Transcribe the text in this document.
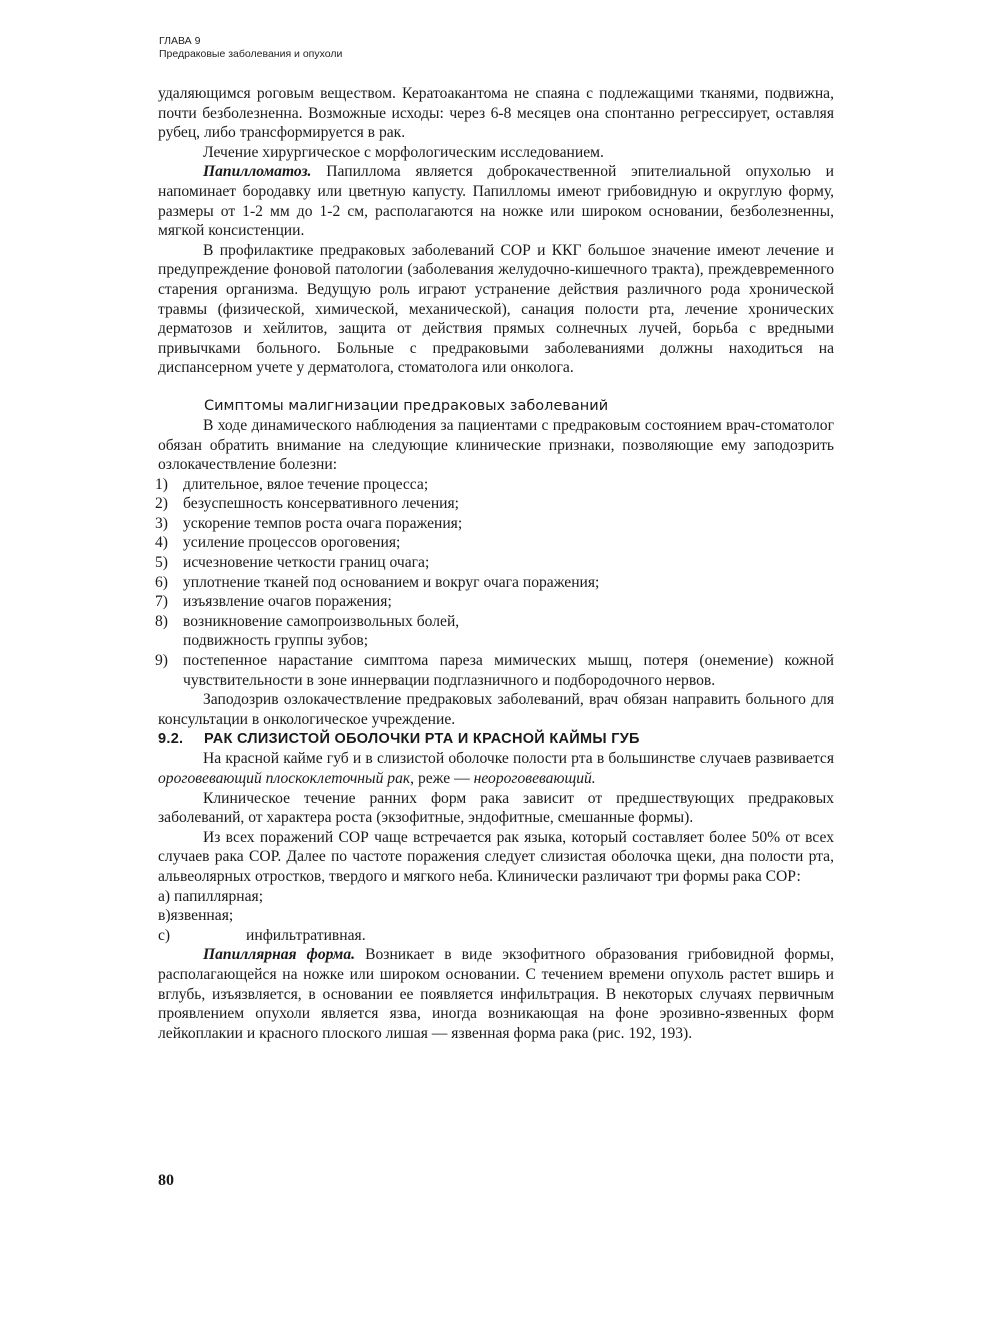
ГЛАВА 9
Предраковые заболевания и опухоли

удаляющимся роговым веществом. Кератоакантома не спаяна с подлежащими тканями, подвижна, почти безболезненна. Возможные исходы: через 6-8 месяцев она спонтанно регрессирует, оставляя рубец, либо трансформируется в рак.

Лечение хирургическое с морфологическим исследованием.

Папилломатоз. Папиллома является доброкачественной эпителиальной опухолью и напоминает бородавку или цветную капусту. Папилломы имеют грибовидную и округлую форму, размеры от 1-2 мм до 1-2 см, располагаются на ножке или широком основании, безболезненны, мягкой консистенции.

В профилактике предраковых заболеваний СОР и ККГ большое значение имеют лечение и предупреждение фоновой патологии (заболевания желудочно-кишечного тракта), преждевременного старения организма. Ведущую роль играют устранение действия различного рода хронической травмы (физической, химической, механической), санация полости рта, лечение хронических дерматозов и хейлитов, защита от действия прямых солнечных лучей, борьба с вредными привычками больного. Больные с предраковыми заболеваниями должны находиться на диспансерном учете у дерматолога, стоматолога или онколога.

Симптомы малигнизации предраковых заболеваний

В ходе динамического наблюдения за пациентами с предраковым состоянием врач-стоматолог обязан обратить внимание на следующие клинические признаки, позволяющие ему заподозрить озлокачествление болезни:

1) длительное, вялое течение процесса;
2) безуспешность консервативного лечения;
3) ускорение темпов роста очага поражения;
4) усиление процессов ороговения;
5) исчезновение четкости границ очага;
6) уплотнение тканей под основанием и вокруг очага поражения;
7) изъязвление очагов поражения;
8) возникновение самопроизвольных болей,
подвижность группы зубов;
9) постепенное нарастание симптома пареза мимических мышц, потеря (онемение) кожной чувствительности в зоне иннервации подглазничного и подбородочного нервов.

Заподозрив озлокачествление предраковых заболеваний, врач обязан направить больного для консультации в онкологическое учреждение.

9.2. РАК СЛИЗИСТОЙ ОБОЛОЧКИ РТА И КРАСНОЙ КАЙМЫ ГУБ

На красной кайме губ и в слизистой оболочке полости рта в большинстве случаев развивается ороговевающий плоскоклеточный рак, реже — неороговевающий.

Клиническое течение ранних форм рака зависит от предшествующих предраковых заболеваний, от характера роста (экзофитные, эндофитные, смешанные формы).

Из всех поражений СОР чаще встречается рак языка, который составляет более 50% от всех случаев рака СОР. Далее по частоте поражения следует слизистая оболочка щеки, дна полости рта, альвеолярных отростков, твердого и мягкого неба. Клинически различают три формы рака СОР:

а) папиллярная;

в)язвенная;

с)	инфильтративная.

Папиллярная форма. Возникает в виде экзофитного образования грибовидной формы, располагающейся на ножке или широком основании. С течением времени опухоль растет вширь и вглубь, изъязвляется, в основании ее появляется инфильтрация. В некоторых случаях первичным проявлением опухоли является язва, иногда возникающая на фоне эрозивно-язвенных форм лейкоплакии и красного плоского лишая — язвенная форма рака (рис. 192, 193).

80
